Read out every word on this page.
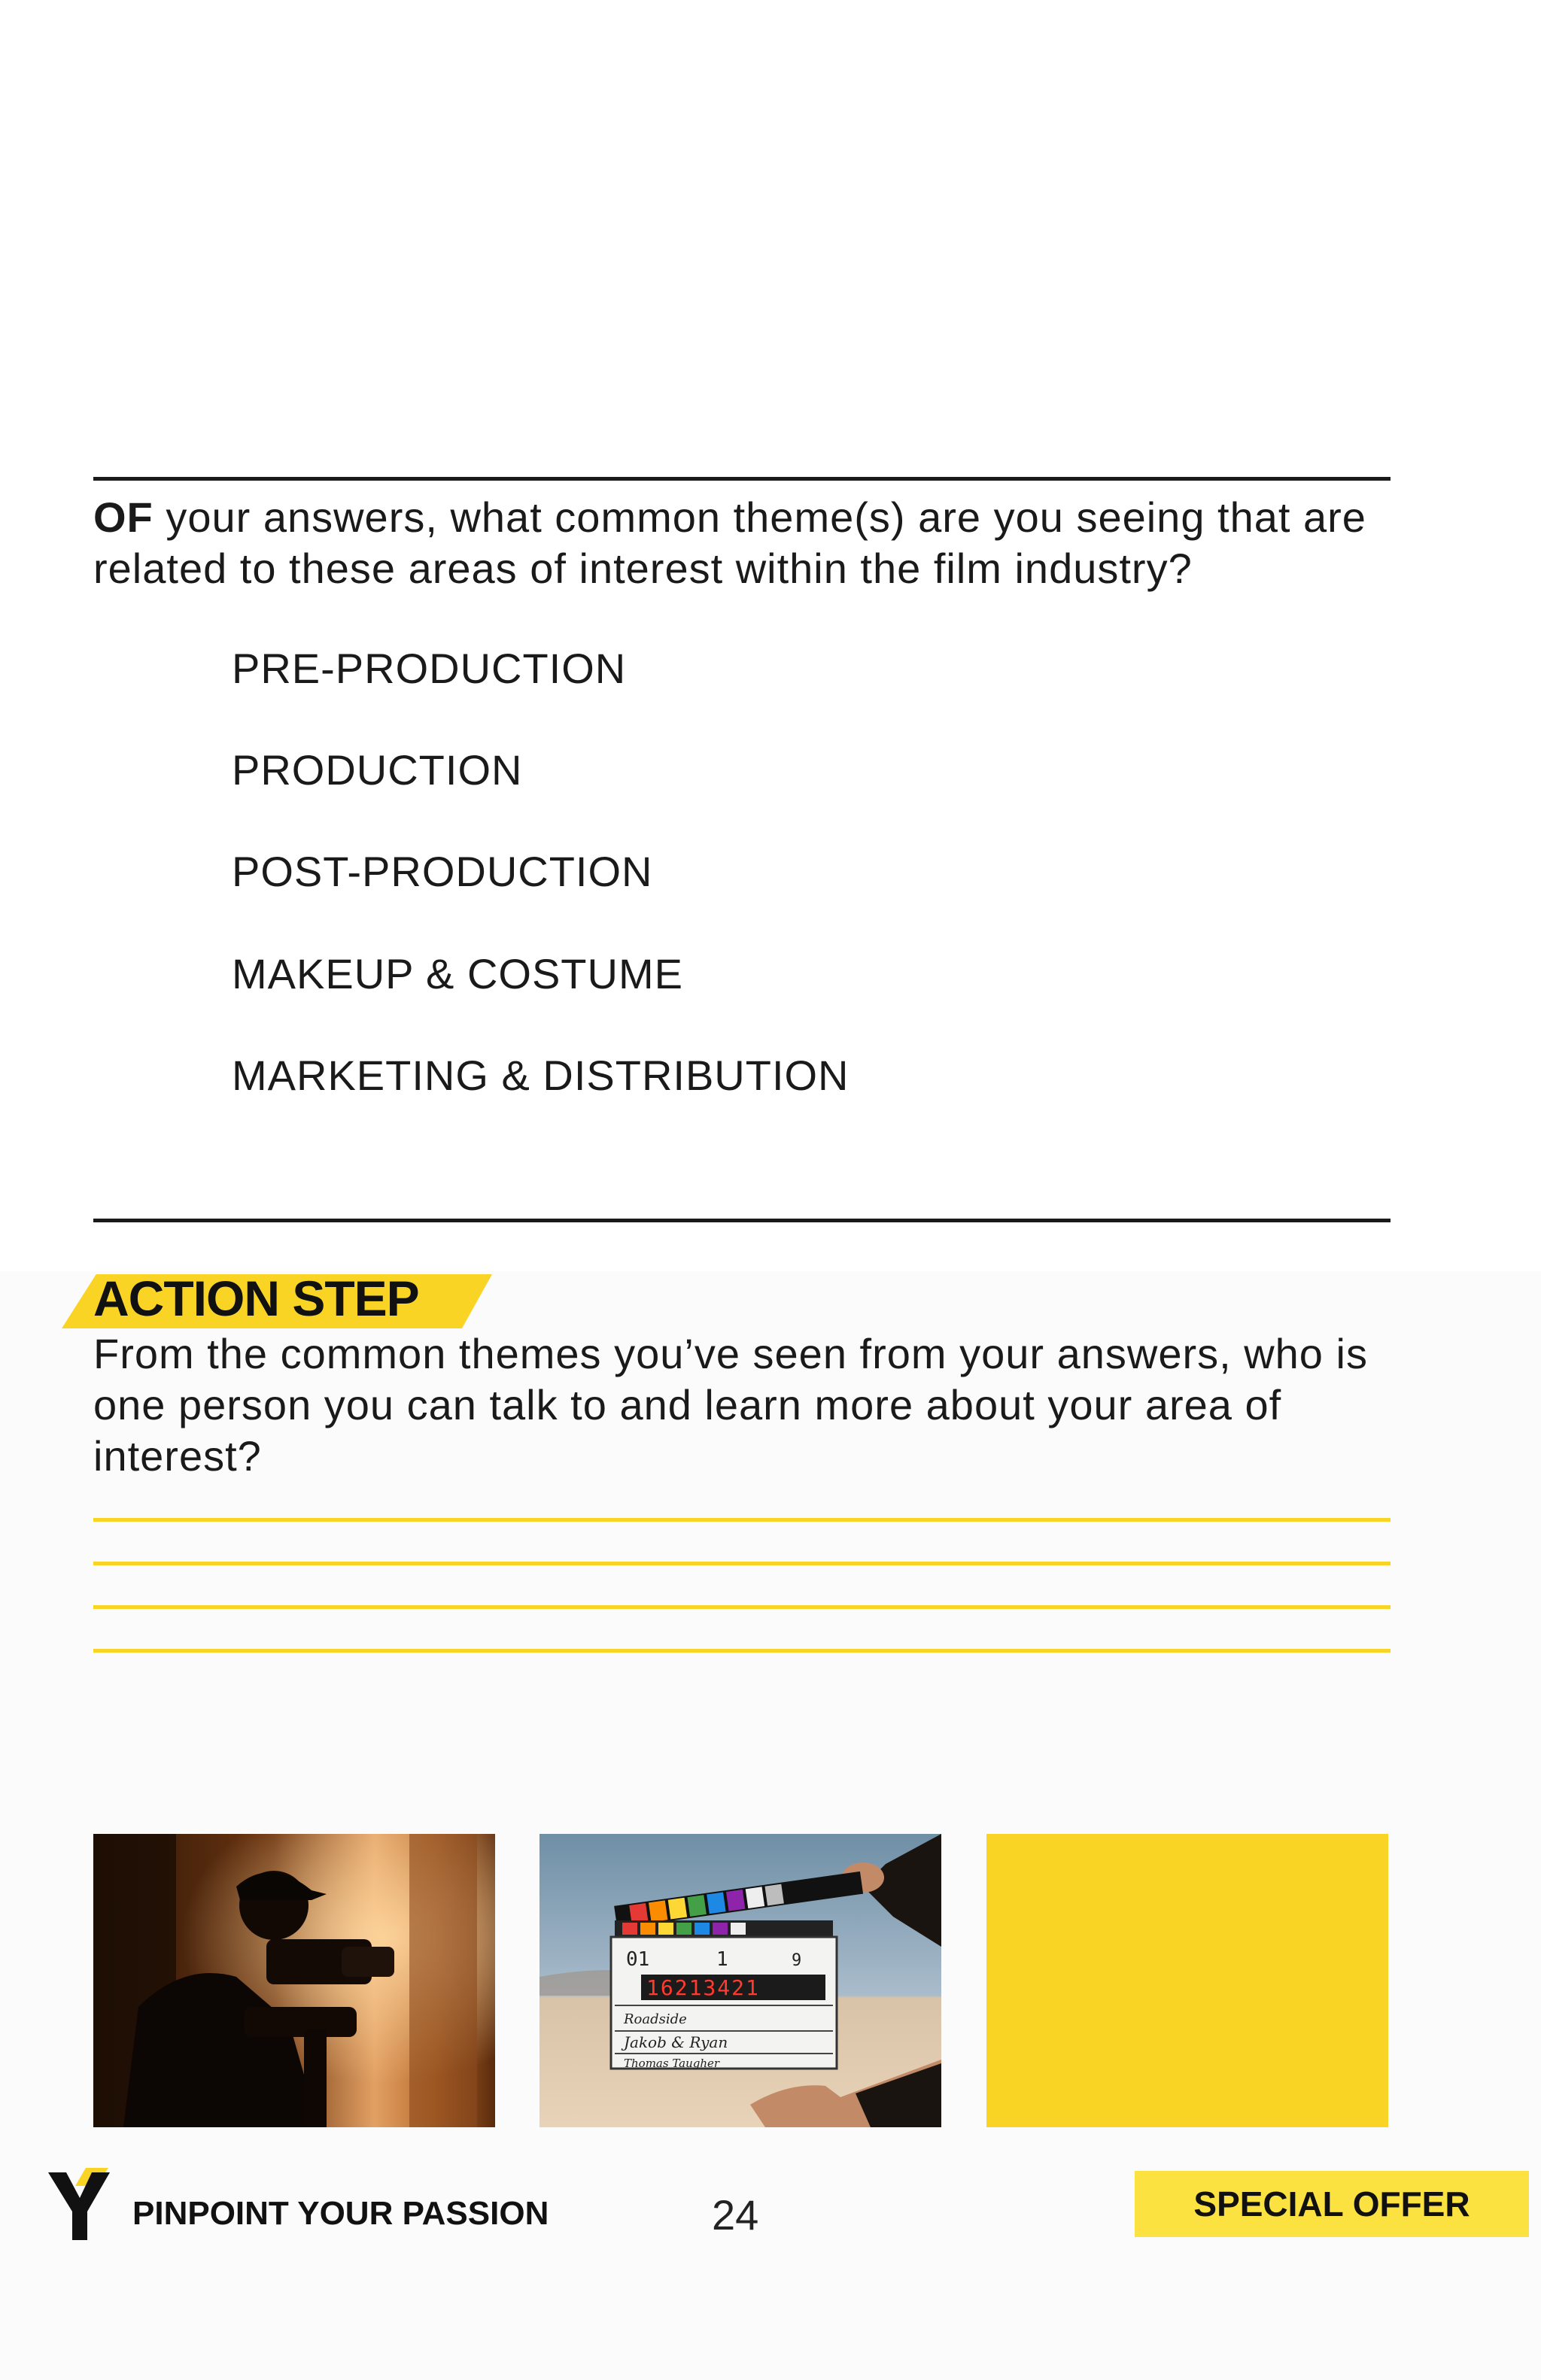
OF your answers, what common theme(s) are you seeing that are related to these areas of interest within the film industry?
PRE-PRODUCTION
PRODUCTION
POST-PRODUCTION
MAKEUP & COSTUME
MARKETING & DISTRIBUTION
ACTION STEP
From the common themes you’ve seen from your answers, who is one person you can talk to and learn more about your area of interest?
01	1	9
16213421
Roadside
Jakob & Ryan
Thomas Taugher
PINPOINT YOUR PASSION	24	SPECIAL OFFER
